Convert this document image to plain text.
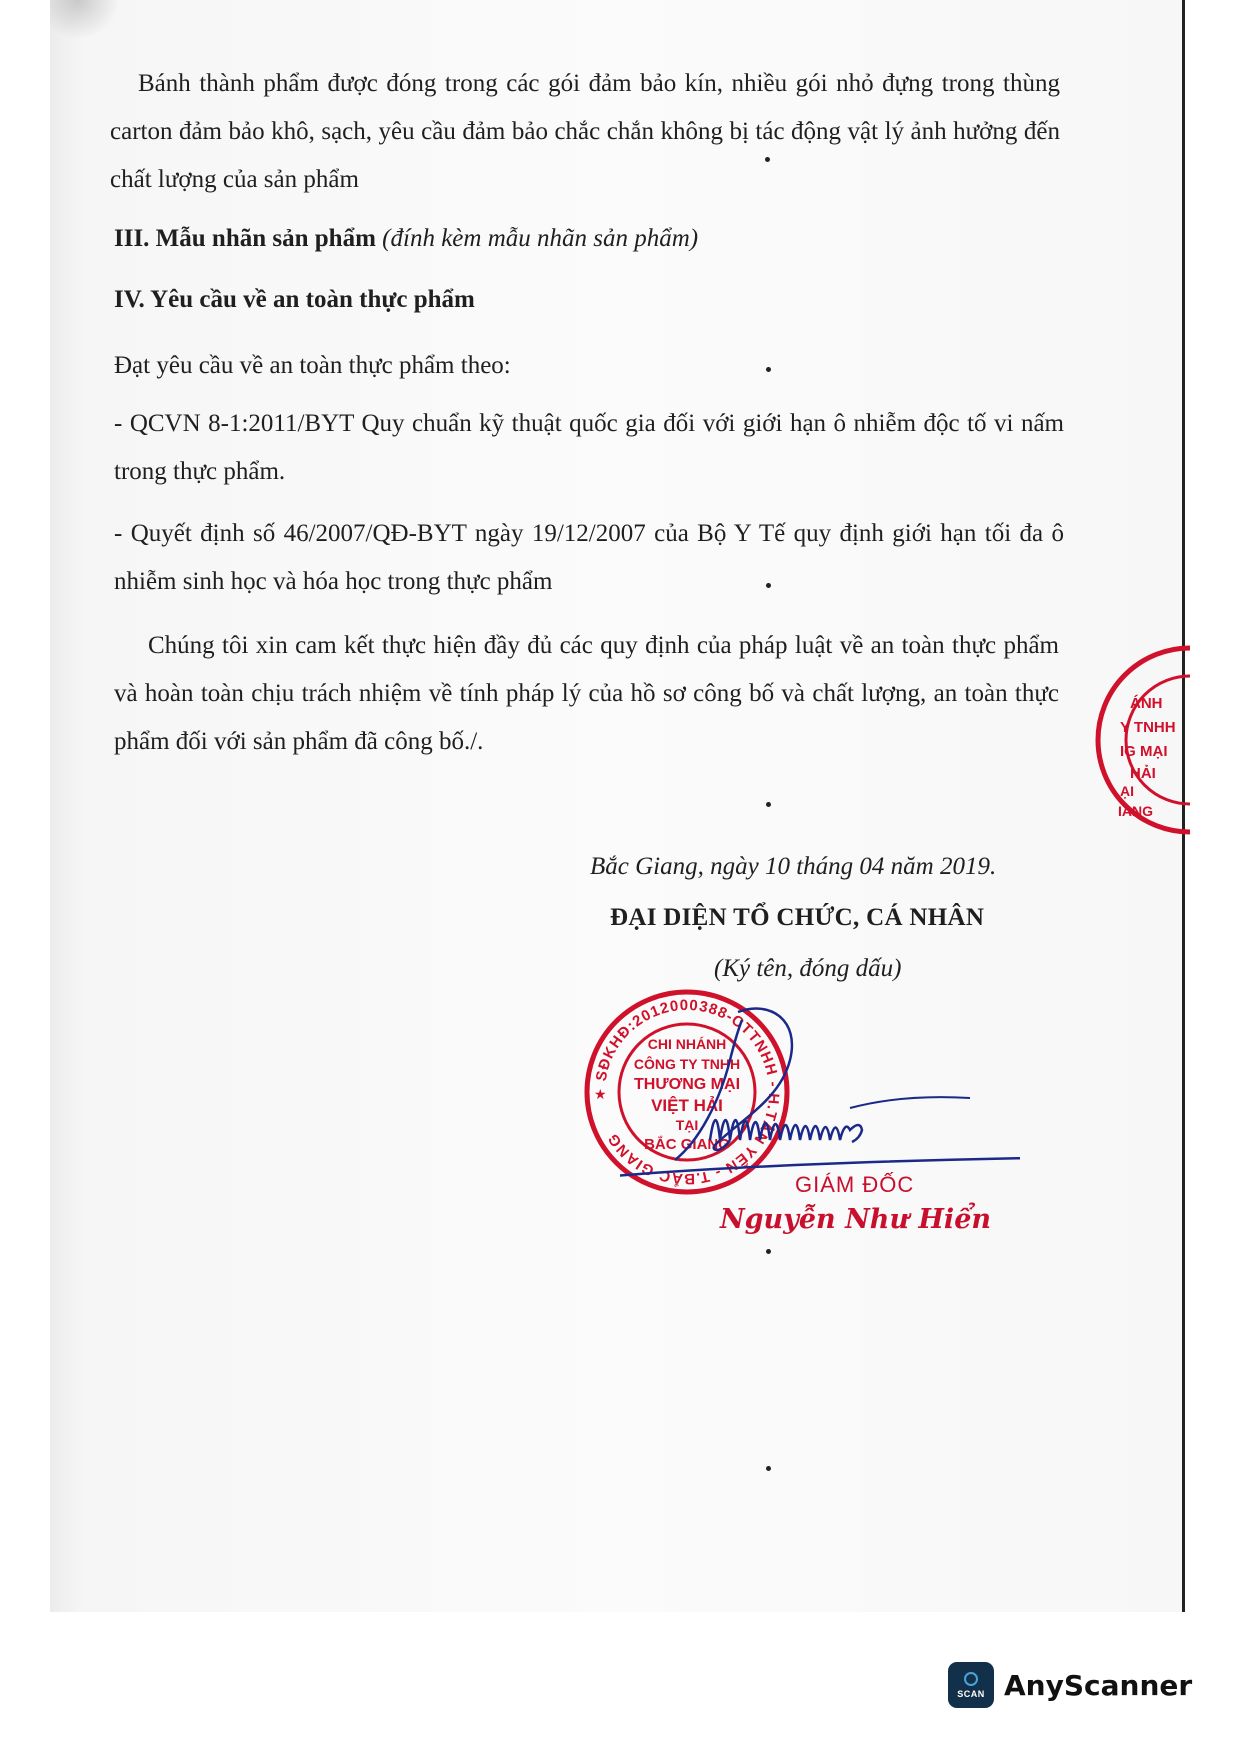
Bánh thành phẩm được đóng trong các gói đảm bảo kín, nhiều gói nhỏ đựng trong thùng carton đảm bảo khô, sạch, yêu cầu đảm bảo chắc chắn không bị tác động vật lý ảnh hưởng đến chất lượng của sản phẩm

III. Mẫu nhãn sản phẩm (đính kèm mẫu nhãn sản phẩm)

IV. Yêu cầu về an toàn thực phẩm

Đạt yêu cầu về an toàn thực phẩm theo:

- QCVN 8-1:2011/BYT Quy chuẩn kỹ thuật quốc gia đối với giới hạn ô nhiễm độc tố vi nấm trong thực phẩm.

- Quyết định số 46/2007/QĐ-BYT ngày 19/12/2007 của Bộ Y Tế quy định giới hạn tối đa ô nhiễm sinh học và hóa học trong thực phẩm

Chúng tôi xin cam kết thực hiện đầy đủ các quy định của pháp luật về an toàn thực phẩm và hoàn toàn chịu trách nhiệm về tính pháp lý của hồ sơ công bố và chất lượng, an toàn thực phẩm đối với sản phẩm đã công bố./.

Bắc Giang, ngày 10 tháng 04 năm 2019.

ĐẠI DIỆN TỔ CHỨC, CÁ NHÂN

(Ký tên, đóng dấu)

ÁNH
Y TNHH
IG MẠI
HẢI
ẠI
IANG
SĐKHĐ:2012000388-CTTNHH - H.TÂN YÊN - T.BẮC GIANG
★
CHI NHÁNH
CÔNG TY TNHH
THƯƠNG MẠI
VIỆT HẢI
TẠI
BẮC GIANG

GIÁM ĐỐC

Nguyễn Như Hiển

SCAN AnyScanner
